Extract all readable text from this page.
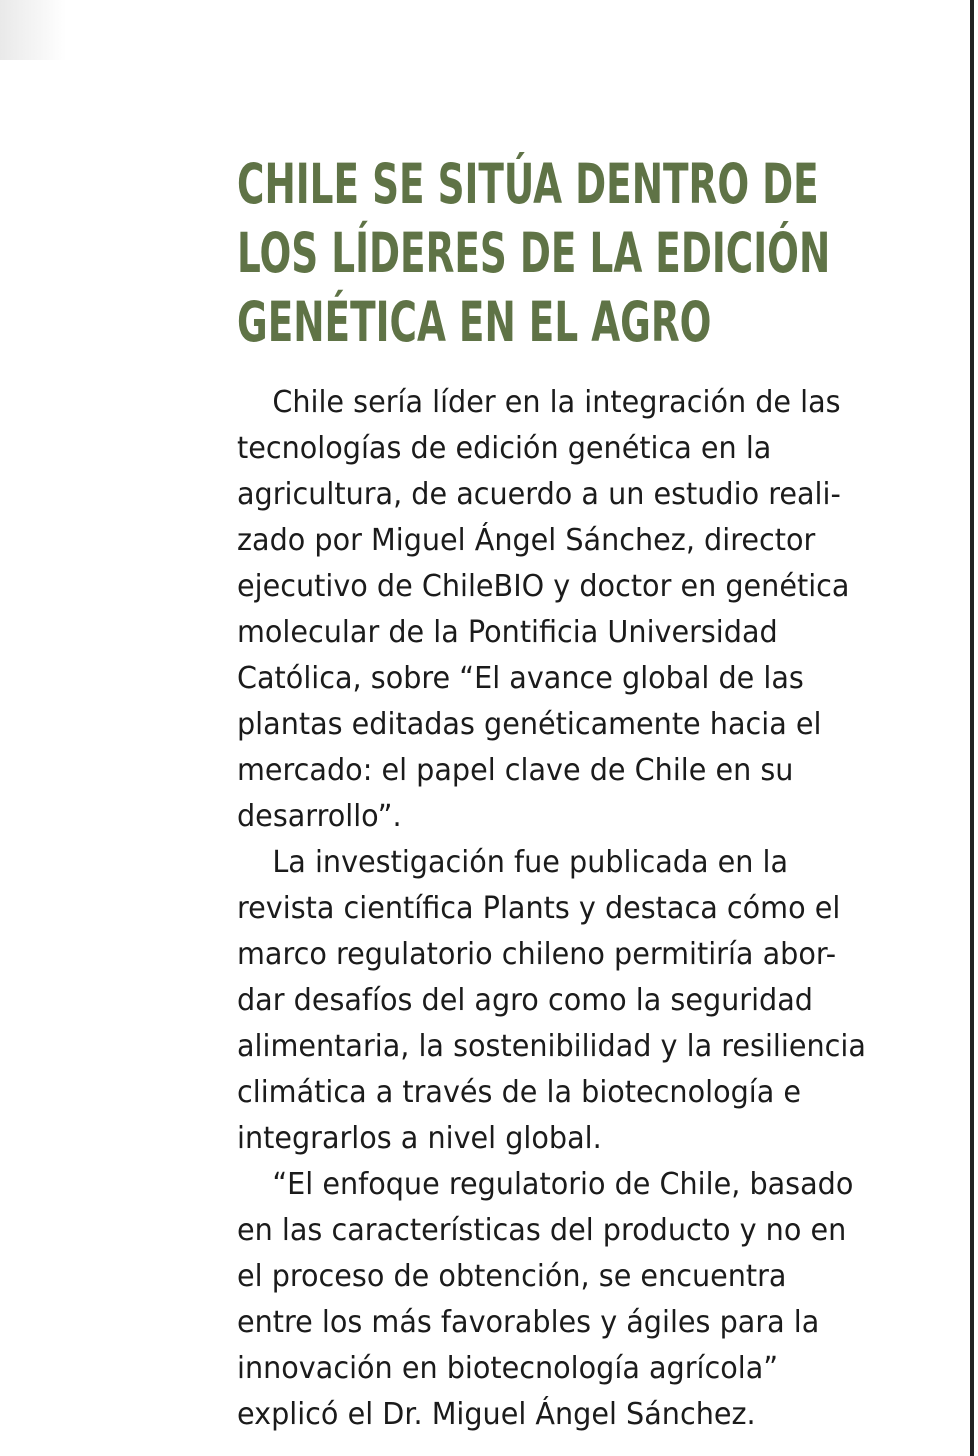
CHILE SE SITÚA DENTRO DE
LOS LÍDERES DE LA EDICIÓN
GENÉTICA EN EL AGRO

Chile sería líder en la integración de las
tecnologías de edición genética en la
agricultura, de acuerdo a un estudio reali-
zado por Miguel Ángel Sánchez, director
ejecutivo de ChileBIO y doctor en genética
molecular de la Pontificia Universidad
Católica, sobre “El avance global de las
plantas editadas genéticamente hacia el
mercado: el papel clave de Chile en su
desarrollo”.

La investigación fue publicada en la
revista científica Plants y destaca cómo el
marco regulatorio chileno permitiría abor-
dar desafíos del agro como la seguridad
alimentaria, la sostenibilidad y la resiliencia
climática a través de la biotecnología e
integrarlos a nivel global.

“El enfoque regulatorio de Chile, basado
en las características del producto y no en
el proceso de obtención, se encuentra
entre los más favorables y ágiles para la
innovación en biotecnología agrícola”
explicó el Dr. Miguel Ángel Sánchez.
